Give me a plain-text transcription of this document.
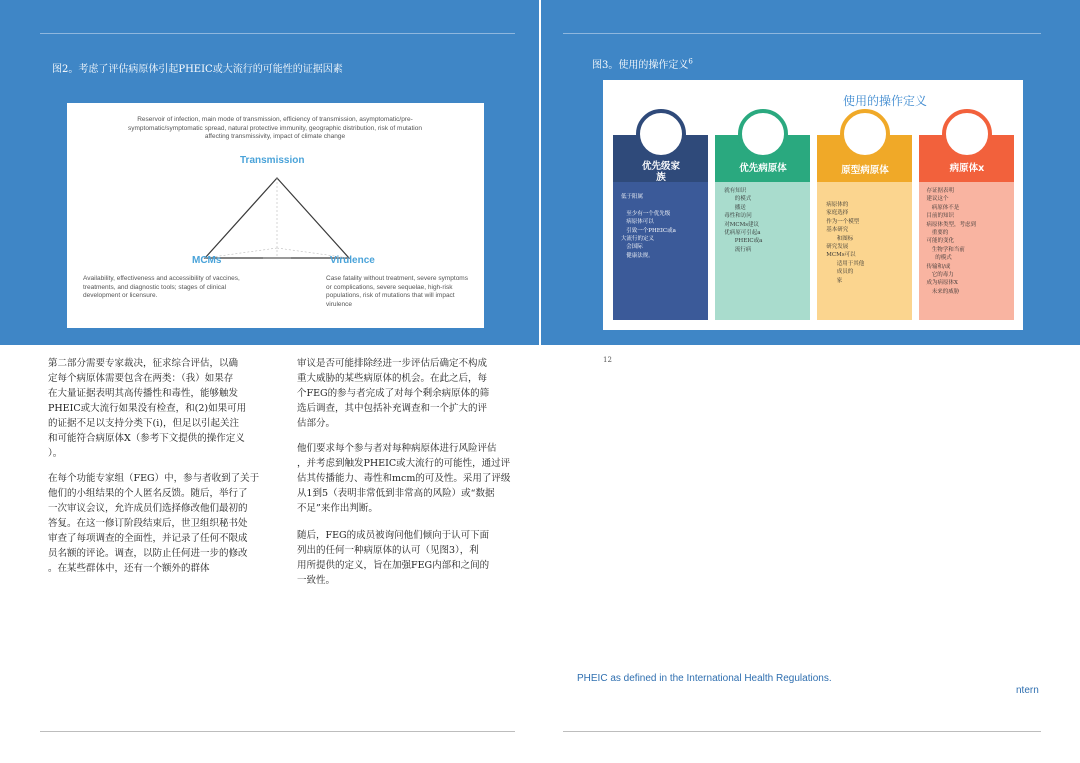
图2。考虑了评估病原体引起PHEIC或大流行的可能性的证据因素
Reservoir of infection, main mode of transmission, efficiency of transmission, asymptomatic/pre-symptomatic/symptomatic spread, natural protective immunity, geographic distribution, risk of mutation affecting transmissivity, impact of climate change
Transmission
MCMs	Virulence
Availability, effectiveness and accessibility of vaccines, treatments, and diagnostic tools; stages of clinical development or licensure.
Case fatality without treatment, severe symptoms or complications, severe sequelae, high-risk populations, risk of mutations that will impact virulence
第二部分需要专家裁决，征求综合评估，以确
定每个病原体需要包含在两类：（我）如果存
在大量证据表明其高传播性和毒性，能够触发
PHEIC或大流行如果没有检查，和(2)如果可用
的证据不足以支持分类下(i)，但足以引起关注
和可能符合病原体X（参考下文提供的操作定义
）。
在每个功能专家组（FEG）中，参与者收到了关于
他们的小组结果的个人匿名反馈。随后，举行了
一次审议会议，允许成员们选择修改他们最初的
答复。在这一修订阶段结束后，世卫组织秘书处
审查了每项调查的全面性，并记录了任何不限成
员名额的评论。调查，以防止任何进一步的修改
。在某些群体中，还有一个额外的群体
审议是否可能排除经进一步评估后确定不构成
重大威胁的某些病原体的机会。在此之后，每
个FEG的参与者完成了对每个剩余病原体的筛
选后调查，其中包括补充调查和一个扩大的评
估部分。
他们要求每个参与者对每种病原体进行风险评估
，并考虑到触发PHEIC或大流行的可能性，通过评
估其传播能力、毒性和mcm的可及性。采用了评级
从1到5（表明非常低到非常高的风险）或“数据
不足”来作出判断。
随后，FEG的成员被询问他们倾向于认可下面
列出的任何一种病原体的认可（见图3），利
用所提供的定义，旨在加强FEG内部和之间的
一致性。
图3。使用的操作定义$^6$
使用的操作定义
优先级家
族
低于阳属

至少有一个优先级
病原体可以
引致一个PHEIC或a
大流行的定义
会国际
健康法规。
优先病原体
就有知识
的模式
播送
毒性和访问
对MCMs建议
优病原可引起a
PHEIC或a
流行病
原型病原体
病原体的
家庭选择
作为一个模型
基本研究
和图标
研究发展
MCMs可以
适用于其他
成员的
家
病原体x
存证据表明
建议这个
病原体不是
目前的知识
病原体类型，考虑到
重要的
可能的变化
生物学和当前
的模式
传输和/或
它的毒力
成为病原体X
未来的威胁
12
PHEIC as defined in the International Health Regulations.
ntern
